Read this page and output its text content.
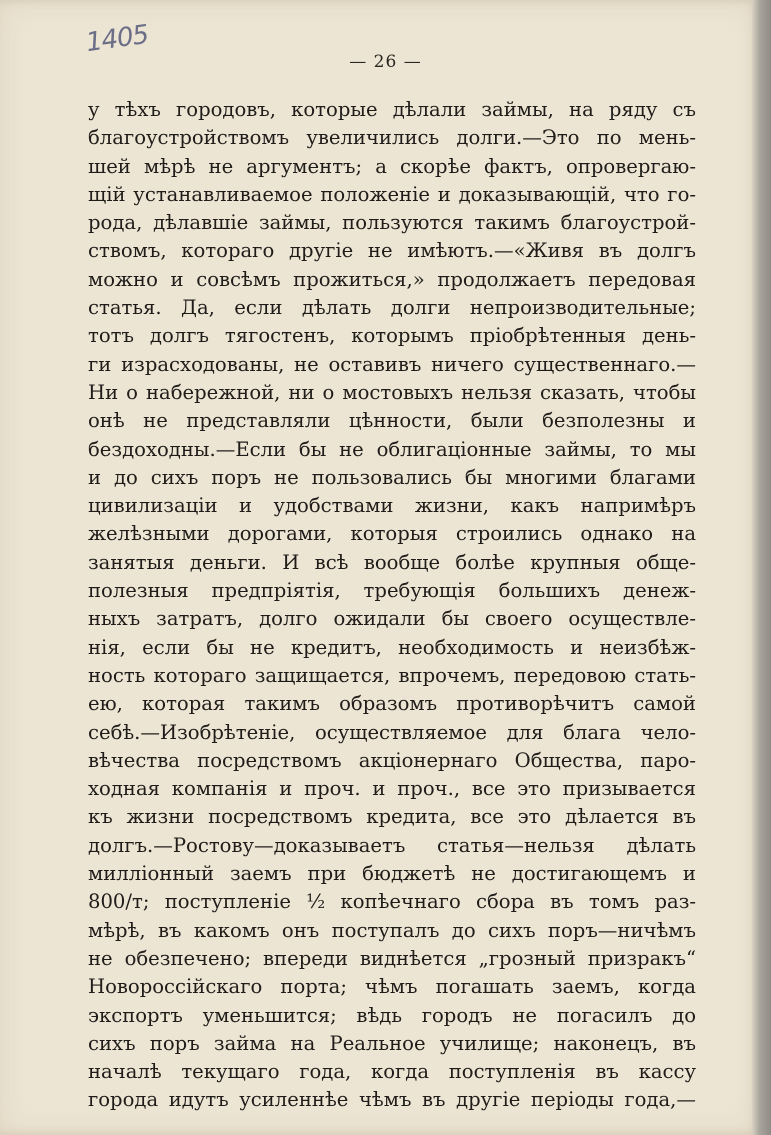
1405
— 26 —
у тѣхъ городовъ, которые дѣлали займы, на ряду съ
благоустройствомъ увеличились долги.—Это по мень-
шей мѣрѣ не аргументъ; а скорѣе фактъ, опровергаю-
щій устанавливаемое положеніе и доказывающій, что го-
рода, дѣлавшіе займы, пользуются такимъ благоустрой-
ствомъ, котораго другіе не имѣютъ.—«Живя въ долгъ
можно и совсѣмъ прожиться,» продолжаетъ передовая
статья. Да, если дѣлать долги непроизводительные;
тотъ долгъ тягостенъ, которымъ пріобрѣтенныя день-
ги израсходованы, не оставивъ ничего существеннаго.—
Ни о набережной, ни о мостовыхъ нельзя сказать, чтобы
онѣ не представляли цѣнности, были безполезны и
бездоходны.—Если бы не облигаціонные займы, то мы
и до сихъ поръ не пользовались бы многими благами
цивилизаціи и удобствами жизни, какъ напримѣръ
желѣзными дорогами, которыя строились однако на
занятыя деньги. И всѣ вообще болѣе крупныя обще-
полезныя предпріятія, требующія большихъ денеж-
ныхъ затратъ, долго ожидали бы своего осуществле-
нія, если бы не кредитъ, необходимость и неизбѣж-
ность котораго защищается, впрочемъ, передовою стать-
ею, которая такимъ образомъ противорѣчитъ самой
себѣ.—Изобрѣтеніе, осуществляемое для блага чело-
вѣчества посредствомъ акціонернаго Общества, паро-
ходная компанія и проч. и проч., все это призывается
къ жизни посредствомъ кредита, все это дѣлается въ
долгъ.—Ростову—доказываетъ статья—нельзя дѣлать
милліонный заемъ при бюджетѣ не достигающемъ и
800/т; поступленіе ½ копѣечнаго сбора въ томъ раз-
мѣрѣ, въ какомъ онъ поступалъ до сихъ поръ—ничѣмъ
не обезпечено; впереди виднѣется „грозный призракъ“
Новороссійскаго порта; чѣмъ погашать заемъ, когда
экспортъ уменьшится; вѣдь городъ не погасилъ до
сихъ поръ займа на Реальное училище; наконецъ, въ
началѣ текущаго года, когда поступленія въ кассу
города идутъ усиленнѣе чѣмъ въ другіе періоды года,—
